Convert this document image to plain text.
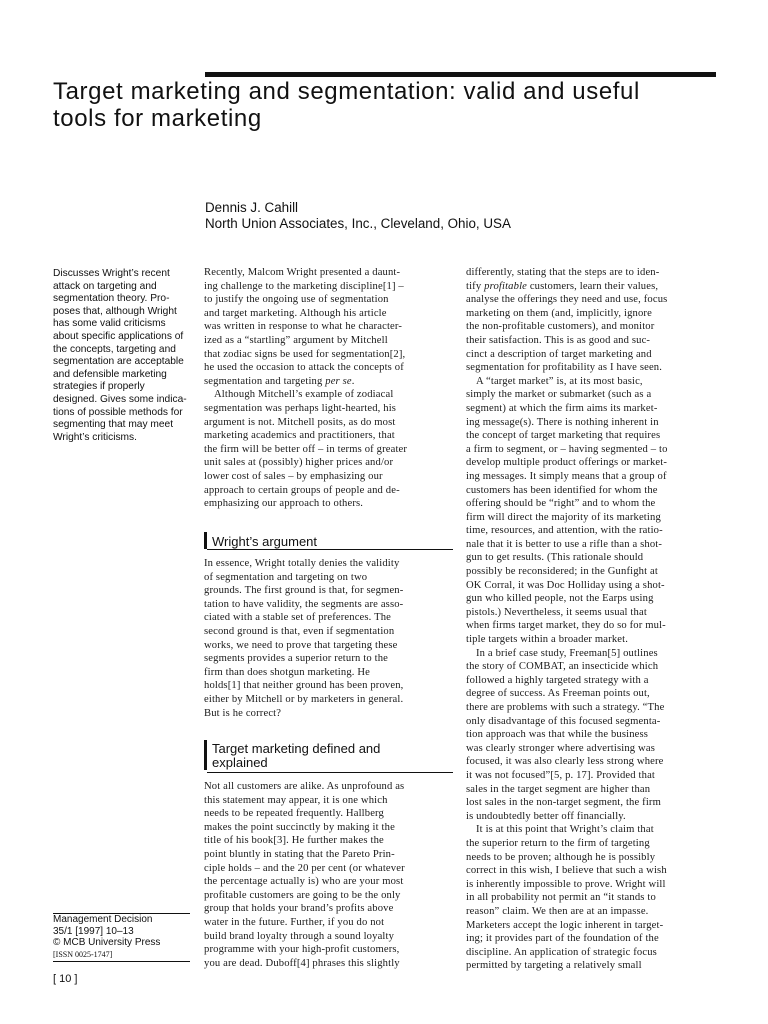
Target marketing and segmentation: valid and useful
tools for marketing
Dennis J. Cahill
North Union Associates, Inc., Cleveland, Ohio, USA
Discusses Wright’s recent
attack on targeting and
segmentation theory. Pro-
poses that, although Wright
has some valid criticisms
about specific applications of
the concepts, targeting and
segmentation are acceptable
and defensible marketing
strategies if properly
designed. Gives some indica-
tions of possible methods for
segmenting that may meet
Wright’s criticisms.
Recently, Malcom Wright presented a daunt-
ing challenge to the marketing discipline[1] –
to justify the ongoing use of segmentation
and target marketing. Although his article
was written in response to what he character-
ized as a “startling” argument by Mitchell
that zodiac signs be used for segmentation[2],
he used the occasion to attack the concepts of
segmentation and targeting per se.
Although Mitchell’s example of zodiacal
segmentation was perhaps light-hearted, his
argument is not. Mitchell posits, as do most
marketing academics and practitioners, that
the firm will be better off – in terms of greater
unit sales at (possibly) higher prices and/or
lower cost of sales – by emphasizing our
approach to certain groups of people and de-
emphasizing our approach to others.
Wright’s argument
In essence, Wright totally denies the validity
of segmentation and targeting on two
grounds. The first ground is that, for segmen-
tation to have validity, the segments are asso-
ciated with a stable set of preferences. The
second ground is that, even if segmentation
works, we need to prove that targeting these
segments provides a superior return to the
firm than does shotgun marketing. He
holds[1] that neither ground has been proven,
either by Mitchell or by marketers in general.
But is he correct?
Target marketing defined and
explained
Not all customers are alike. As unprofound as
this statement may appear, it is one which
needs to be repeated frequently. Hallberg
makes the point succinctly by making it the
title of his book[3]. He further makes the
point bluntly in stating that the Pareto Prin-
ciple holds – and the 20 per cent (or whatever
the percentage actually is) who are your most
profitable customers are going to be the only
group that holds your brand’s profits above
water in the future. Further, if you do not
build brand loyalty through a sound loyalty
programme with your high-profit customers,
you are dead. Duboff[4] phrases this slightly
differently, stating that the steps are to iden-
tify profitable customers, learn their values,
analyse the offerings they need and use, focus
marketing on them (and, implicitly, ignore
the non-profitable customers), and monitor
their satisfaction. This is as good and suc-
cinct a description of target marketing and
segmentation for profitability as I have seen.
A “target market” is, at its most basic,
simply the market or submarket (such as a
segment) at which the firm aims its market-
ing message(s). There is nothing inherent in
the concept of target marketing that requires
a firm to segment, or – having segmented – to
develop multiple product offerings or market-
ing messages. It simply means that a group of
customers has been identified for whom the
offering should be “right” and to whom the
firm will direct the majority of its marketing
time, resources, and attention, with the ratio-
nale that it is better to use a rifle than a shot-
gun to get results. (This rationale should
possibly be reconsidered; in the Gunfight at
OK Corral, it was Doc Holliday using a shot-
gun who killed people, not the Earps using
pistols.) Nevertheless, it seems usual that
when firms target market, they do so for mul-
tiple targets within a broader market.
In a brief case study, Freeman[5] outlines
the story of COMBAT, an insecticide which
followed a highly targeted strategy with a
degree of success. As Freeman points out,
there are problems with such a strategy. “The
only disadvantage of this focused segmenta-
tion approach was that while the business
was clearly stronger where advertising was
focused, it was also clearly less strong where
it was not focused”[5, p. 17]. Provided that
sales in the target segment are higher than
lost sales in the non-target segment, the firm
is undoubtedly better off financially.
It is at this point that Wright’s claim that
the superior return to the firm of targeting
needs to be proven; although he is possibly
correct in this wish, I believe that such a wish
is inherently impossible to prove. Wright will
in all probability not permit an “it stands to
reason” claim. We then are at an impasse.
Marketers accept the logic inherent in target-
ing; it provides part of the foundation of the
discipline. An application of strategic focus
permitted by targeting a relatively small
Management Decision
35/1 [1997] 10–13
© MCB University Press
[ISSN 0025-1747]
[ 10 ]
